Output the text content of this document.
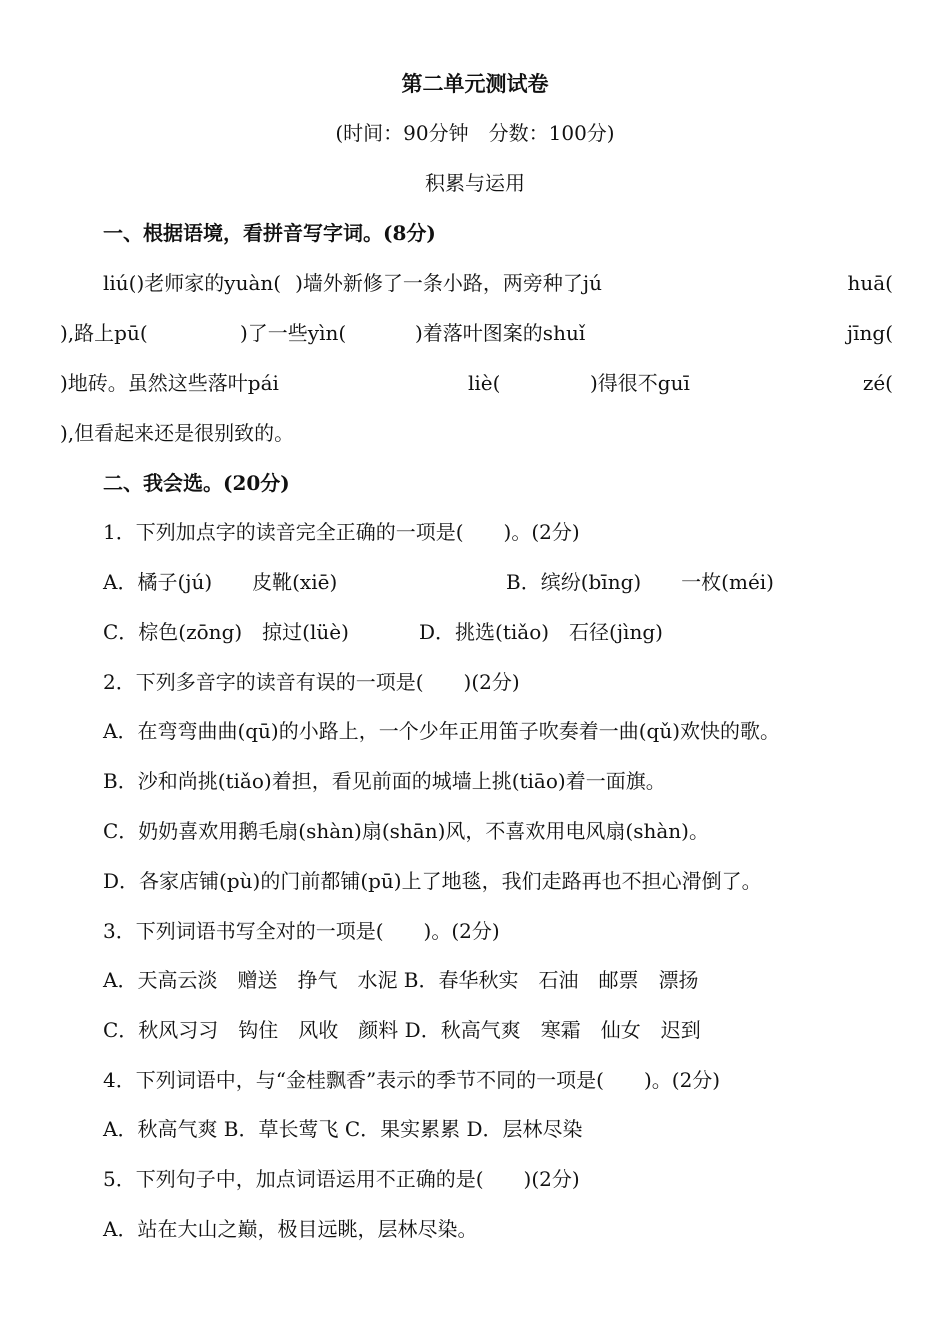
第二单元测试卷
(时间：90分钟　分数：100分)
积累与运用
一、根据语境，看拼音写字词。(8分)
liú( )老师家的yuàn( )墙外新修了一条小路，两旁种了jú	huā(
),路上pū(	)了一些yìn(	)着落叶图案的shuǐ	jīng(
)地砖。虽然这些落叶pái	liè(	)得很不guī	zé(
),但看起来还是很别致的。
二、我会选。(20分)
1．下列加点字的读音完全正确的一项是(　　)。(2分)
A．橘子(jú)　　皮靴(xiē)	B．缤纷(bīng)　　一枚(méi)
C．棕色(zōng)　掠过(lüè)	D．挑选(tiǎo)　石径(jìng)
2．下列多音字的读音有误的一项是(　　)(2分)
A．在弯弯曲曲(qū)的小路上，一个少年正用笛子吹奏着一曲(qǔ)欢快的歌。
B．沙和尚挑(tiǎo)着担，看见前面的城墙上挑(tiāo)着一面旗。
C．奶奶喜欢用鹅毛扇(shàn)扇(shān)风，不喜欢用电风扇(shàn)。
D．各家店铺(pù)的门前都铺(pū)上了地毯，我们走路再也不担心滑倒了。
3．下列词语书写全对的一项是(　　)。(2分)
A．天高云淡　赠送　挣气　水泥 B．春华秋实　石油　邮票　漂扬
C．秋风习习　钩住　风收　颜料 D．秋高气爽　寒霜　仙女　迟到
4．下列词语中，与“金桂飘香”表示的季节不同的一项是(　　)。(2分)
A．秋高气爽 B．草长莺飞 C．果实累累 D．层林尽染
5．下列句子中，加点词语运用不正确的是(　　)(2分)
A．站在大山之巅，极目远眺，层林尽染。
